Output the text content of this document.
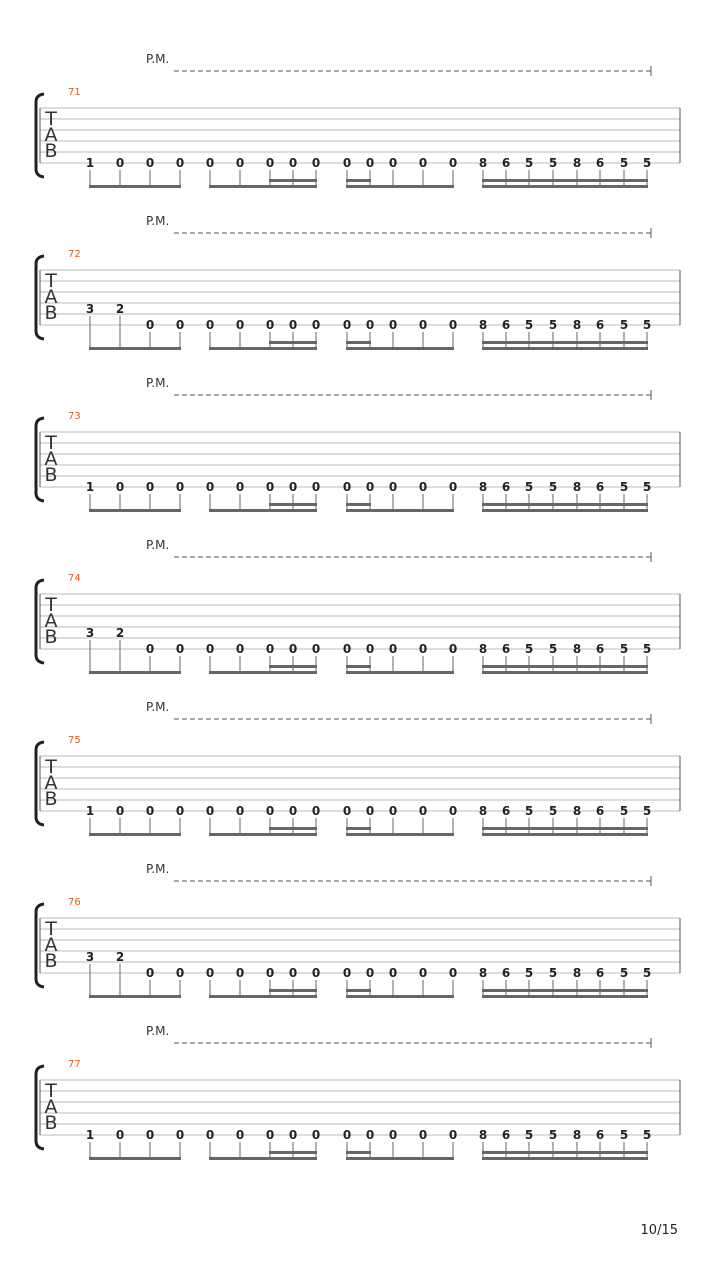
P.M.
71
T
A
B
1 0 0 0 0 0 0 0 0 0 0 0 0 0 8 6 5 5 8 6 5 5
P.M.
72
T
A
B 3 2
0 0 0 0 0 0 0 0 0 0 0 0 8 6 5 5 8 6 5 5
P.M.
73
T
A
B
1 0 0 0 0 0 0 0 0 0 0 0 0 0 8 6 5 5 8 6 5 5
P.M.
74
T
A
B 3 2
0 0 0 0 0 0 0 0 0 0 0 0 8 6 5 5 8 6 5 5
P.M.
75
T
A
B
1 0 0 0 0 0 0 0 0 0 0 0 0 0 8 6 5 5 8 6 5 5
P.M.
76
T
A
B 3 2
0 0 0 0 0 0 0 0 0 0 0 0 8 6 5 5 8 6 5 5
P.M.
77
T
A
B
1 0 0 0 0 0 0 0 0 0 0 0 0 0 8 6 5 5 8 6 5 5
10/15
